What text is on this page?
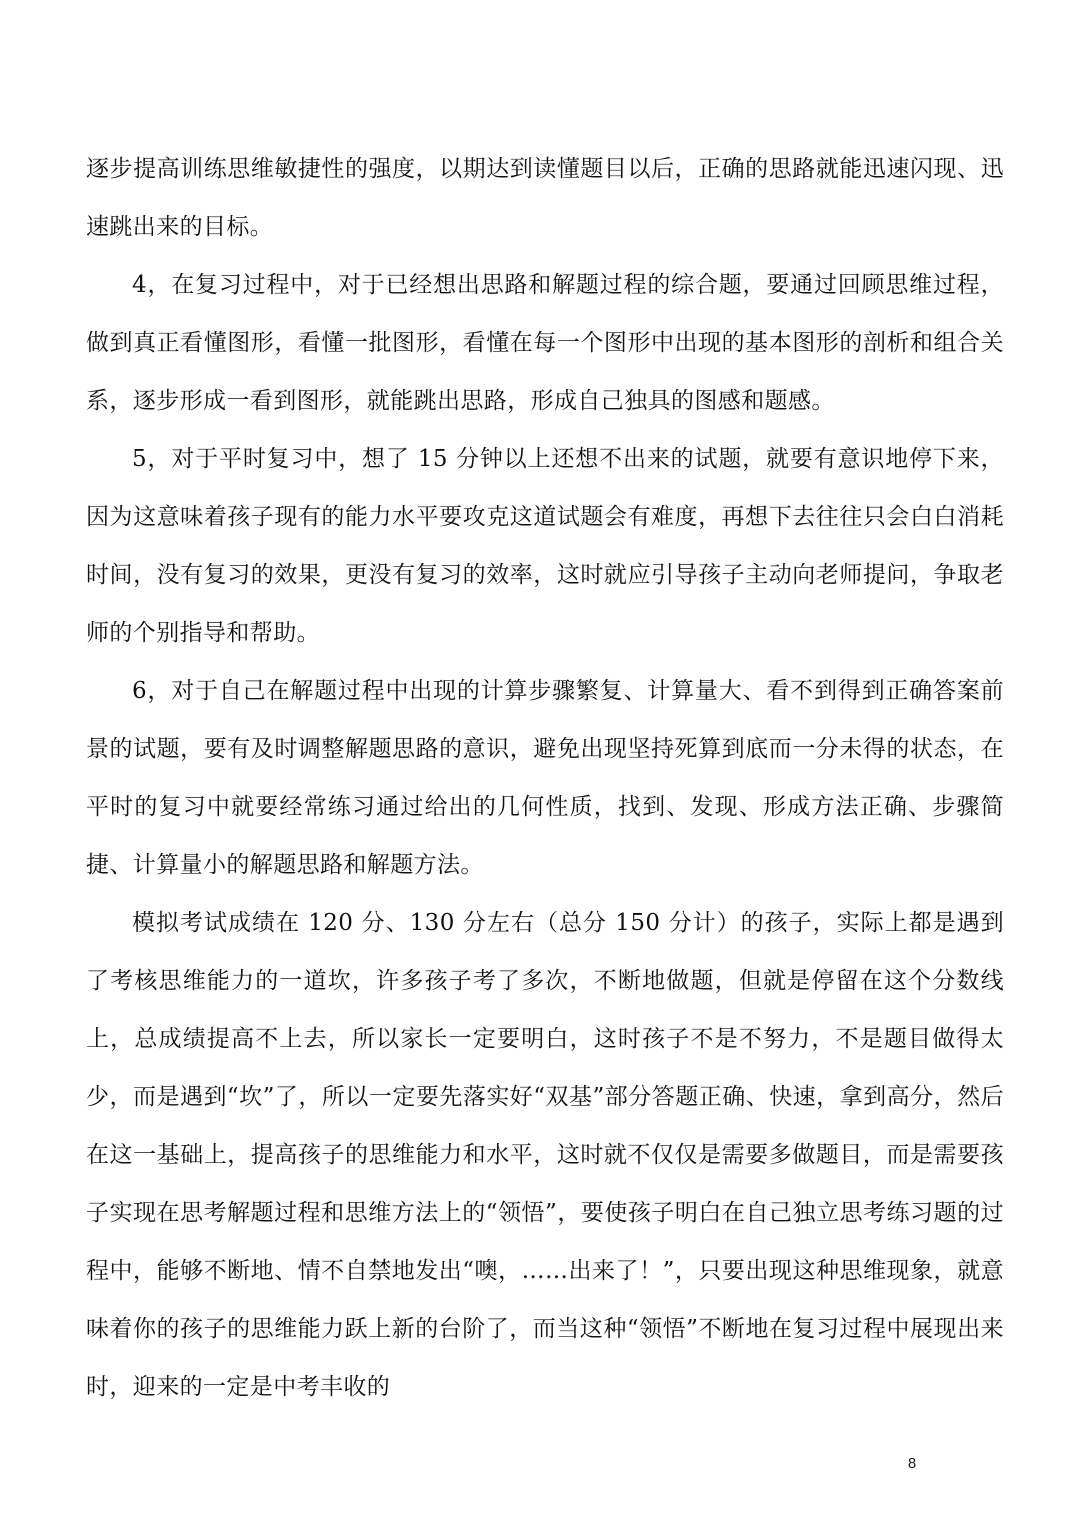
逐步提高训练思维敏捷性的强度，以期达到读懂题目以后，正确的思路就能迅速闪现、迅速跳出来的目标。

4，在复习过程中，对于已经想出思路和解题过程的综合题，要通过回顾思维过程，做到真正看懂图形，看懂一批图形，看懂在每一个图形中出现的基本图形的剖析和组合关系，逐步形成一看到图形，就能跳出思路，形成自己独具的图感和题感。

5，对于平时复习中，想了 15 分钟以上还想不出来的试题，就要有意识地停下来，因为这意味着孩子现有的能力水平要攻克这道试题会有难度，再想下去往往只会白白消耗时间，没有复习的效果，更没有复习的效率，这时就应引导孩子主动向老师提问，争取老师的个别指导和帮助。

6，对于自己在解题过程中出现的计算步骤繁复、计算量大、看不到得到正确答案前景的试题，要有及时调整解题思路的意识，避免出现坚持死算到底而一分未得的状态，在平时的复习中就要经常练习通过给出的几何性质，找到、发现、形成方法正确、步骤简捷、计算量小的解题思路和解题方法。

模拟考试成绩在 120 分、130 分左右（总分 150 分计）的孩子，实际上都是遇到了考核思维能力的一道坎，许多孩子考了多次，不断地做题，但就是停留在这个分数线上，总成绩提高不上去，所以家长一定要明白，这时孩子不是不努力，不是题目做得太少，而是遇到“坎”了，所以一定要先落实好“双基”部分答题正确、快速，拿到高分，然后在这一基础上，提高孩子的思维能力和水平，这时就不仅仅是需要多做题目，而是需要孩子实现在思考解题过程和思维方法上的“领悟”，要使孩子明白在自己独立思考练习题的过程中，能够不断地、情不自禁地发出“噢，……出来了！”，只要出现这种思维现象，就意味着你的孩子的思维能力跃上新的台阶了，而当这种“领悟”不断地在复习过程中展现出来时，迎来的一定是中考丰收的

8
